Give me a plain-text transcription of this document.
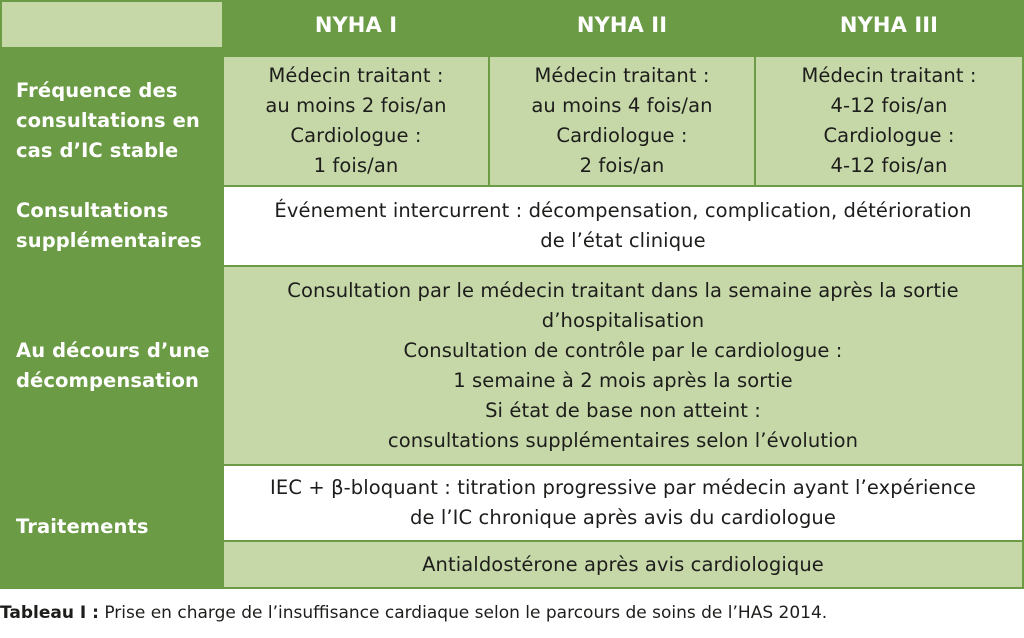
NYHA I	NYHA II	NYHA III
Fréquence des
consultations en
cas d’IC stable
Médecin traitant :
au moins 2 fois/an
Cardiologue :
1 fois/an
Médecin traitant :
au moins 4 fois/an
Cardiologue :
2 fois/an
Médecin traitant :
4-12 fois/an
Cardiologue :
4-12 fois/an
Consultations
supplémentaires
Événement intercurrent : décompensation, complication, détérioration
de l’état clinique
Au décours d’une
décompensation
Consultation par le médecin traitant dans la semaine après la sortie
d’hospitalisation
Consultation de contrôle par le cardiologue :
1 semaine à 2 mois après la sortie
Si état de base non atteint :
consultations supplémentaires selon l’évolution
Traitements
IEC + β-bloquant : titration progressive par médecin ayant l’expérience
de l’IC chronique après avis du cardiologue
Antialdostérone après avis cardiologique
Tableau I : Prise en charge de l’insuffisance cardiaque selon le parcours de soins de l’HAS 2014.
